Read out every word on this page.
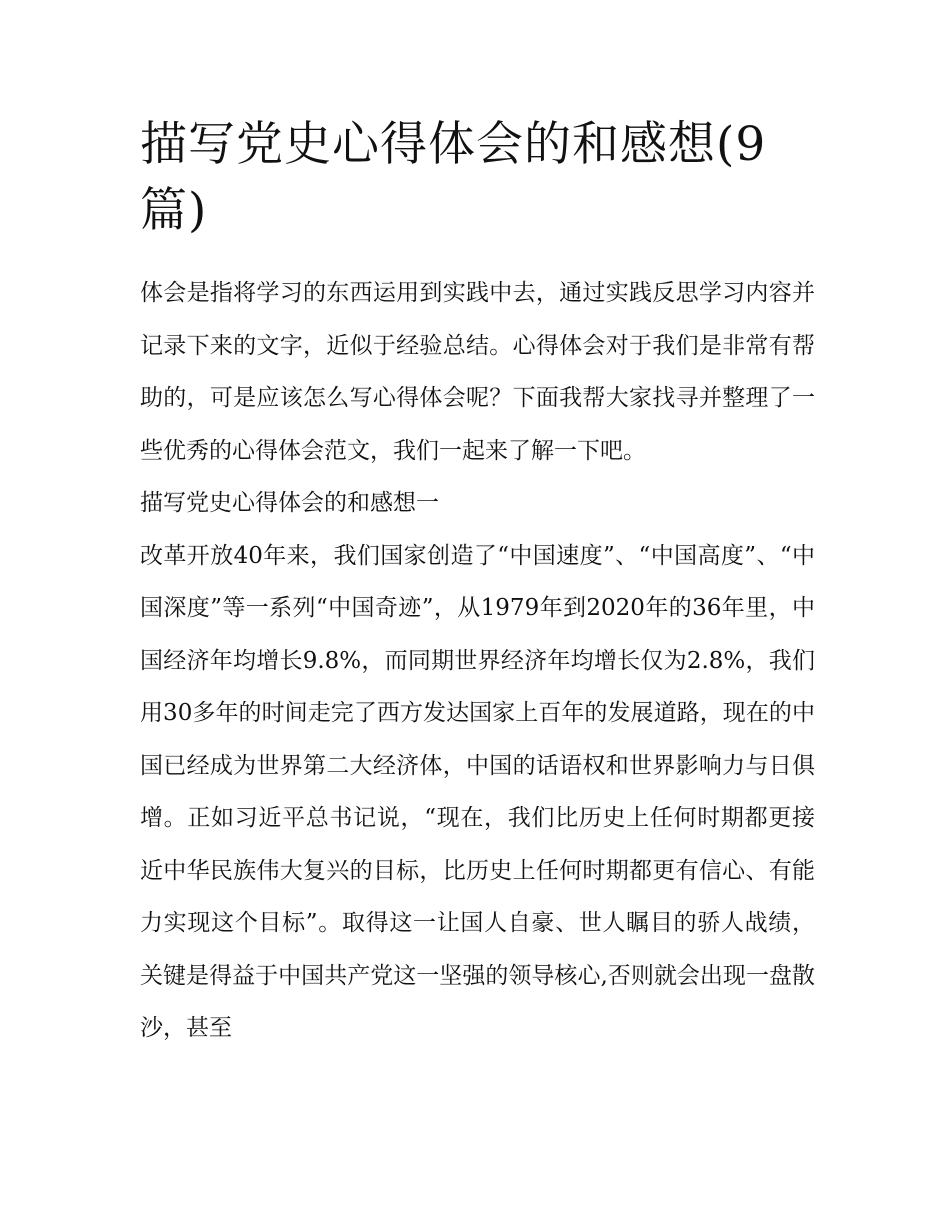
描写党史心得体会的和感想(9篇)

体会是指将学习的东西运用到实践中去，通过实践反思学习内容并记录下来的文字，近似于经验总结。心得体会对于我们是非常有帮助的，可是应该怎么写心得体会呢？下面我帮大家找寻并整理了一些优秀的心得体会范文，我们一起来了解一下吧。

描写党史心得体会的和感想一

改革开放40年来，我们国家创造了“中国速度”、“中国高度”、“中国深度”等一系列“中国奇迹”，从1979年到2020年的36年里，中国经济年均增长9.8%，而同期世界经济年均增长仅为2.8%，我们用30多年的时间走完了西方发达国家上百年的发展道路，现在的中国已经成为世界第二大经济体，中国的话语权和世界影响力与日俱增。正如习近平总书记说，“现在，我们比历史上任何时期都更接近中华民族伟大复兴的目标，比历史上任何时期都更有信心、有能力实现这个目标”。取得这一让国人自豪、世人瞩目的骄人战绩，关键是得益于中国共产党这一坚强的领导核心,否则就会出现一盘散沙，甚至
